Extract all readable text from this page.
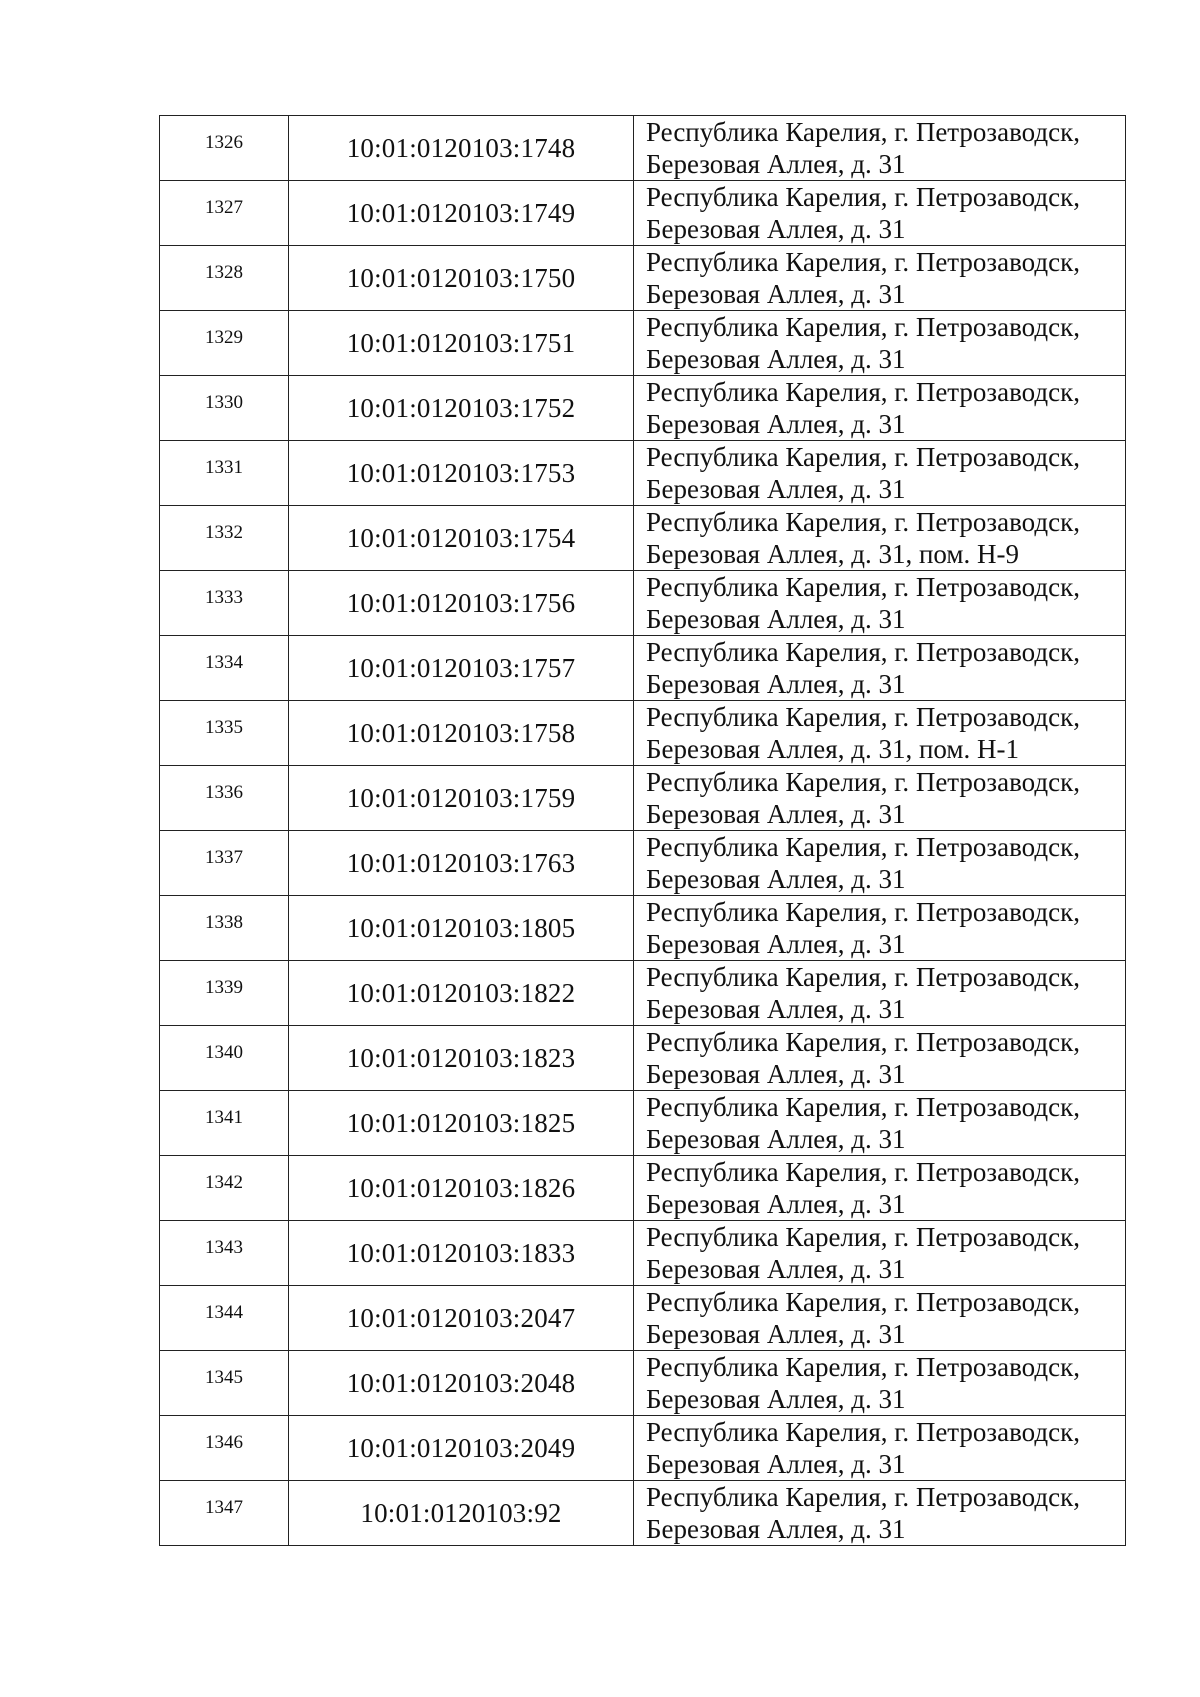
1326	10:01:0120103:1748	Республика Карелия, г. Петрозаводск,
Березовая Аллея, д. 31

1327	10:01:0120103:1749	Республика Карелия, г. Петрозаводск,
Березовая Аллея, д. 31

1328	10:01:0120103:1750	Республика Карелия, г. Петрозаводск,
Березовая Аллея, д. 31

1329	10:01:0120103:1751	Республика Карелия, г. Петрозаводск,
Березовая Аллея, д. 31

1330	10:01:0120103:1752	Республика Карелия, г. Петрозаводск,
Березовая Аллея, д. 31

1331	10:01:0120103:1753	Республика Карелия, г. Петрозаводск,
Березовая Аллея, д. 31

1332	10:01:0120103:1754	Республика Карелия, г. Петрозаводск,
Березовая Аллея, д. 31, пом. Н-9

1333	10:01:0120103:1756	Республика Карелия, г. Петрозаводск,
Березовая Аллея, д. 31

1334	10:01:0120103:1757	Республика Карелия, г. Петрозаводск,
Березовая Аллея, д. 31

1335	10:01:0120103:1758	Республика Карелия, г. Петрозаводск,
Березовая Аллея, д. 31, пом. Н-1

1336	10:01:0120103:1759	Республика Карелия, г. Петрозаводск,
Березовая Аллея, д. 31

1337	10:01:0120103:1763	Республика Карелия, г. Петрозаводск,
Березовая Аллея, д. 31

1338	10:01:0120103:1805	Республика Карелия, г. Петрозаводск,
Березовая Аллея, д. 31

1339	10:01:0120103:1822	Республика Карелия, г. Петрозаводск,
Березовая Аллея, д. 31

1340	10:01:0120103:1823	Республика Карелия, г. Петрозаводск,
Березовая Аллея, д. 31

1341	10:01:0120103:1825	Республика Карелия, г. Петрозаводск,
Березовая Аллея, д. 31

1342	10:01:0120103:1826	Республика Карелия, г. Петрозаводск,
Березовая Аллея, д. 31

1343	10:01:0120103:1833	Республика Карелия, г. Петрозаводск,
Березовая Аллея, д. 31

1344	10:01:0120103:2047	Республика Карелия, г. Петрозаводск,
Березовая Аллея, д. 31

1345	10:01:0120103:2048	Республика Карелия, г. Петрозаводск,
Березовая Аллея, д. 31

1346	10:01:0120103:2049	Республика Карелия, г. Петрозаводск,
Березовая Аллея, д. 31

1347	10:01:0120103:92	Республика Карелия, г. Петрозаводск,
Березовая Аллея, д. 31
